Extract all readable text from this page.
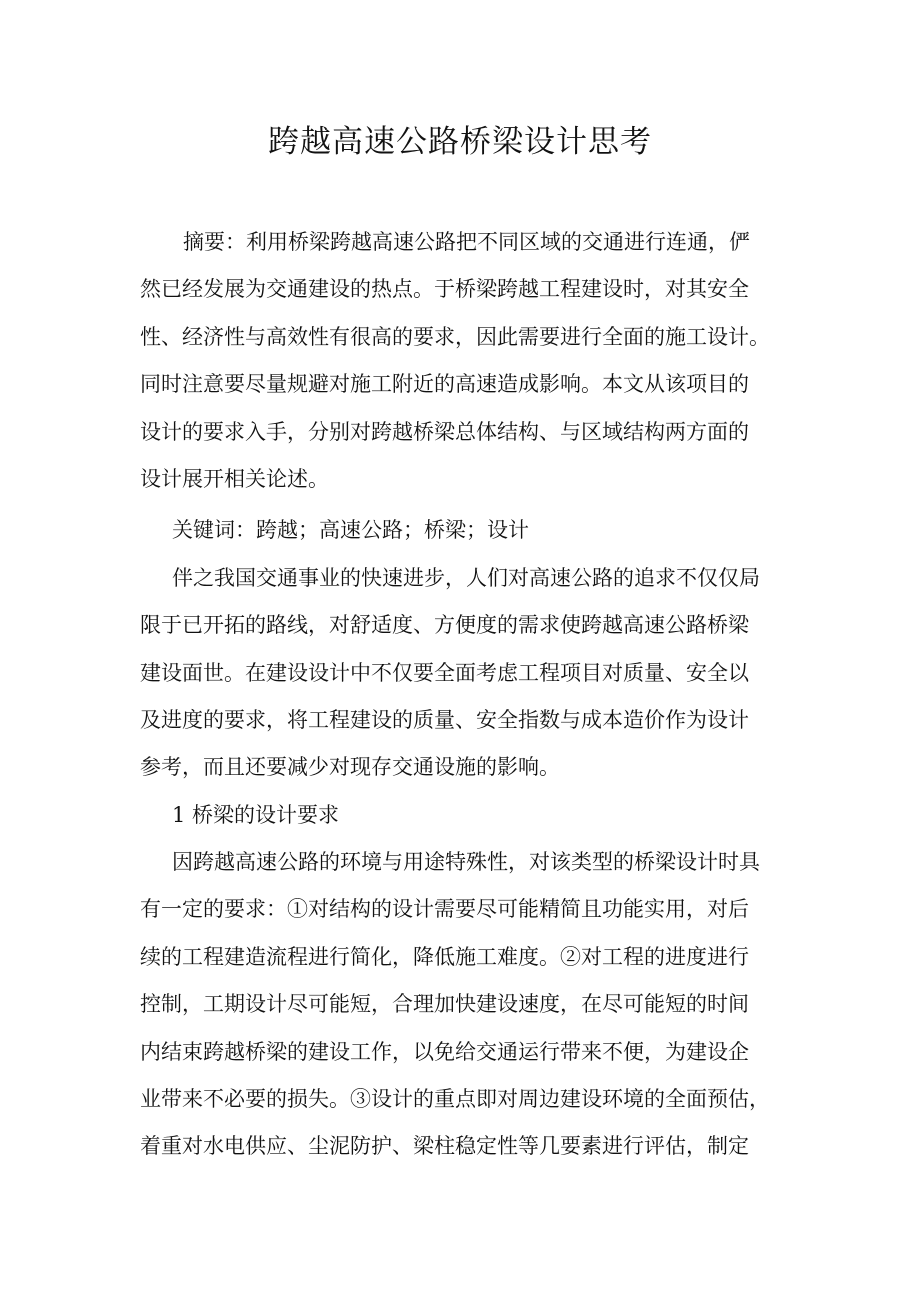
跨越高速公路桥梁设计思考
摘要：利用桥梁跨越高速公路把不同区域的交通进行连通，俨
然已经发展为交通建设的热点。于桥梁跨越工程建设时，对其安全
性、经济性与高效性有很高的要求，因此需要进行全面的施工设计。
同时注意要尽量规避对施工附近的高速造成影响。本文从该项目的
设计的要求入手，分别对跨越桥梁总体结构、与区域结构两方面的
设计展开相关论述。
关键词：跨越；高速公路；桥梁；设计
伴之我国交通事业的快速进步，人们对高速公路的追求不仅仅局
限于已开拓的路线，对舒适度、方便度的需求使跨越高速公路桥梁
建设面世。在建设设计中不仅要全面考虑工程项目对质量、安全以
及进度的要求，将工程建设的质量、安全指数与成本造价作为设计
参考，而且还要减少对现存交通设施的影响。
1 桥梁的设计要求
因跨越高速公路的环境与用途特殊性，对该类型的桥梁设计时具
有一定的要求：①对结构的设计需要尽可能精简且功能实用，对后
续的工程建造流程进行简化，降低施工难度。②对工程的进度进行
控制，工期设计尽可能短，合理加快建设速度，在尽可能短的时间
内结束跨越桥梁的建设工作，以免给交通运行带来不便，为建设企
业带来不必要的损失。③设计的重点即对周边建设环境的全面预估，
着重对水电供应、尘泥防护、梁柱稳定性等几要素进行评估，制定
